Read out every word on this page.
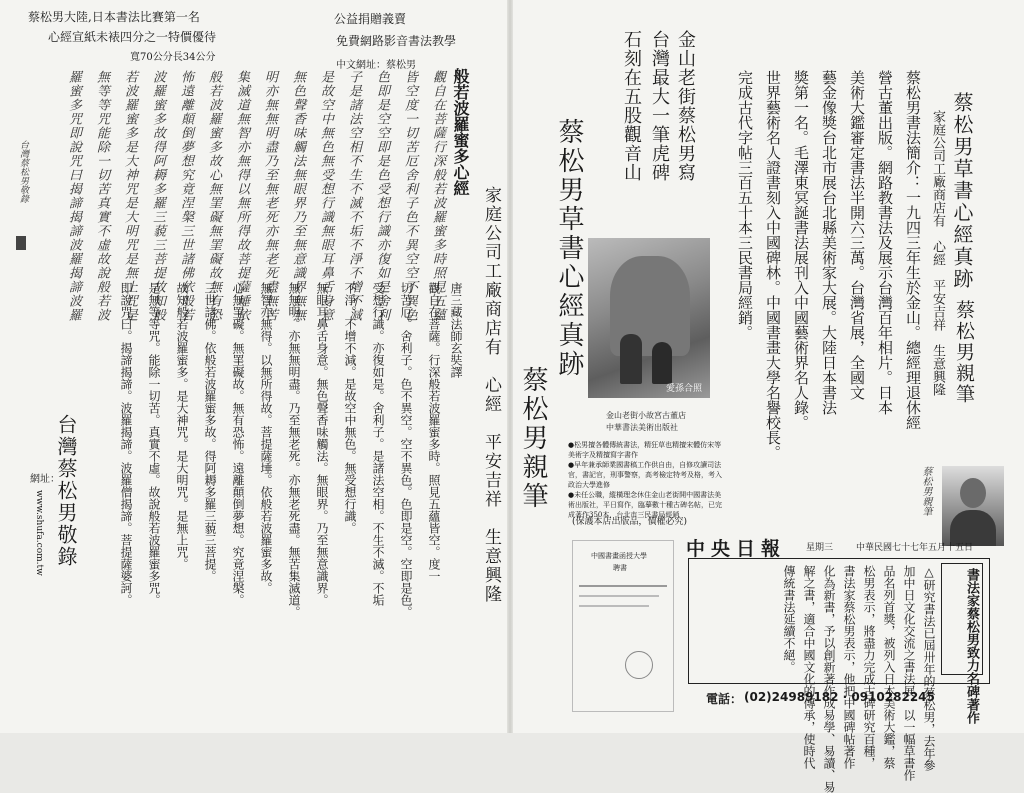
蔡松男大陸,日本書法比賽第一名
心經宣紙未裱四分之一特價優待
寬70公分長34公分
公益捐贈義賣
免費網路影音書法教學
中文網址：蔡松男
般若波羅蜜多心經
觀自在菩薩行深般若波羅蜜多時照見五蘊
皆空度一切苦厄舍利子色不異空空不異色
色即是空空即是色受想行識亦復如是舍利
子是諸法空相不生不滅不垢不淨不增不減
是故空中無色無受想行識無眼耳鼻舌身意
無色聲香味觸法無眼界乃至無意識界無無
明亦無無明盡乃至無老死亦無老死盡無苦
集滅道無智亦無得以無所得故菩提薩埵依
般若波羅蜜多故心無罣礙無罣礙故無有恐
怖遠離顛倒夢想究竟涅槃三世諸佛依般若
波羅蜜多故得阿耨多羅三藐三菩提故知般
若波羅蜜多是大神咒是大明咒是無上咒是
無等等咒能除一切苦真實不虛故說般若波
羅蜜多咒即說咒曰揭諦揭諦波羅揭諦波羅
台灣蔡松男敬錄
家庭公司工廠商店有　心經　平安吉祥　生意興隆
唐三藏法師玄奘譯
觀自在菩薩。行深般若波羅蜜多時。照見五蘊皆空。度一
切苦厄。舍利子。色不異空。空不異色。色即是空。空即是色。
受想行識。亦復如是。舍利子。是諸法空相。不生不滅。不垢
不淨。不增不減。是故空中無色。無受想行識。
無眼耳鼻舌身意。無色聲香味觸法。無眼界。乃至無意識界。
無無明。亦無無明盡。乃至無老死。亦無老死盡。無苦集滅道。
無智亦無得。以無所得故。菩提薩埵。依般若波羅蜜多故。
心無罣礙。無罣礙故。無有恐怖。遠離顛倒夢想。究竟涅槃。
三世諸佛。依般若波羅蜜多故。得阿耨多羅三藐三菩提。
故知般若波羅蜜多。是大神咒。是大明咒。是無上咒。
是無等等咒。能除一切苦。真實不虛。故說般若波羅蜜多咒。
即說咒曰。揭諦揭諦。波羅揭諦。波羅僧揭諦。菩提薩婆訶。
台灣蔡松男敬錄
網址：
www.shufa.com.tw
蔡松男草書心經真跡
家庭公司工廠商店有　心經　平安吉祥　生意興隆 蔡松男親筆
蔡松男書法簡介：一九四三年生於金山。總經理退休經
營古董出版。網路教書法及展示台灣百年相片。日本
美術大鑑審定書法半開六三萬。台灣省展，全國文
藝金像獎台北市展台北縣美術家大展。大陸日本書法
獎第一名。毛澤東冥誕書法展刊入中國藝術界名人錄。
世界藝術名人證書刻入中國碑林。中國書畫大學名譽校長。
完成古代字帖三百五十本三民書局經銷。
金山老街蔡松男寫
台灣最大一筆虎碑
石刻在五股觀音山
蔡松男草書心經真跡
蔡松男親筆	愛孫合照
金山老街小故宮古董店
中華書法美術出版社
●松男擅各體傳統書法，精狂草也精擅宋體仿宋等美術字及精擅寫字書作
●早年兼承師業國書稿工作供自由，自修攻讀司法官，書記官，刑事警察，高考檢定特考及格，考入政治大學進修
●未任公職，縱橫理念休住金山老街開中國書法美術出版社，平日寫作，臨摹數十種古碑名帖，已完成著作350本，台北市三民書局經銷
(保護本店出版品，價權必究)
蔡松男親筆
中央日報 星期三	中華民國七十七年五月十五日
書法家蔡松男致力名碑著作
△研究書法已屆卅年的蔡松男，去年參
加中日文化交流之書法展，以一幅草書作
品名列首獎，被列入日本美術大鑑，蔡
松男表示，將盡力完成古碑研究百種，
書法家蔡松男表示，他把中國碑帖著作
化為新書，予以創新著作成易學、易讀、易
解之書，適合中國文化的傳承，使時代
傳統書法延續不絕。
中國書畫函授大學
聘書
電話： (02)24989182 · 0910282245
